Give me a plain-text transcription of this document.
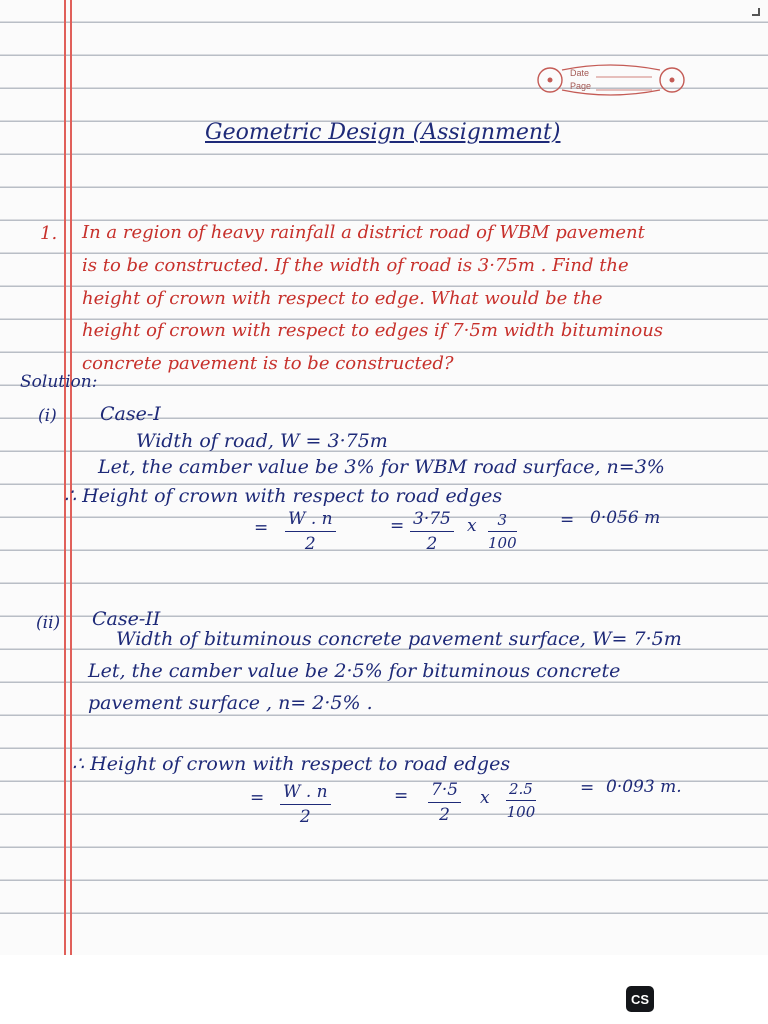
Date
Page
Geometric Design (Assignment)
1. In a region of heavy rainfall a district road of WBM pavement
is to be constructed. If the width of road is 3·75m . Find the
height of crown with respect to edge. What would be the
height of crown with respect to edges if 7·5m width bituminous
concrete pavement is to be constructed?
Solution:
(i) Case-I
Width of road, W = 3·75m
Let, the camber value be 3% for WBM road surface, n=3%
∴ Height of crown with respect to road edges
= $\frac{W . n}{2}$	= $\frac{3\cdot 75}{2}$ x $\frac{3}{100}$	= 0·056 m
(ii) Case-II
Width of bituminous concrete pavement surface, W= 7·5m
Let, the camber value be 2·5% for bituminous concrete
pavement surface , n= 2·5% .
∴ Height of crown with respect to road edges
= $\frac{W . n}{2}$	= $\frac{7\cdot 5}{2}$ x $\frac{2.5}{100}$	= 0·093 m.
CS
